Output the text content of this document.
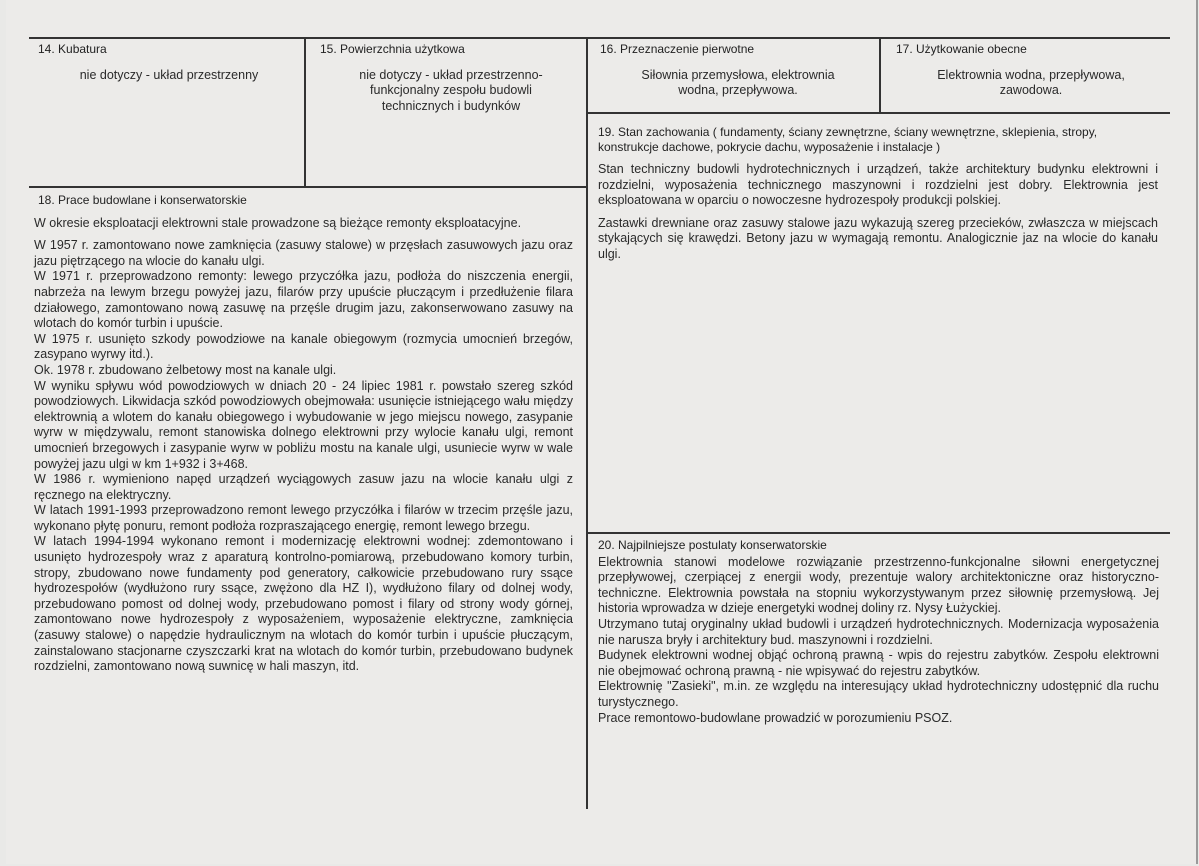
14. Kubatura
nie dotyczy - układ przestrzenny
15. Powierzchnia użytkowa
nie dotyczy - układ przestrzenno-funkcjonalny zespołu budowli technicznych i budynków
16. Przeznaczenie pierwotne
Siłownia przemysłowa, elektrownia wodna, przepływowa.
17. Użytkowanie obecne
Elektrownia wodna, przepływowa, zawodowa.
19. Stan zachowania ( fundamenty, ściany zewnętrzne, ściany wewnętrzne, sklepienia, stropy, konstrukcje dachowe, pokrycie dachu, wyposażenie i instalacje )

Stan techniczny budowli hydrotechnicznych i urządzeń, także architektury budynku elektrowni i rozdzielni, wyposażenia technicznego maszynowni i rozdzielni jest dobry. Elektrownia jest eksploatowana w oparciu o nowoczesne hydrozespoły produkcji polskiej.

Zastawki drewniane oraz zasuwy stalowe jazu wykazują szereg przecieków, zwłaszcza w miejscach stykających się krawędzi. Betony jazu w wymagają remontu. Analogicznie jaz na wlocie do kanału ulgi.

18. Prace budowlane i konserwatorskie

W okresie eksploatacji elektrowni stale prowadzone są bieżące remonty eksploatacyjne.

W 1957 r. zamontowano nowe zamknięcia (zasuwy stalowe) w przęsłach zasuwowych jazu oraz jazu piętrzącego na wlocie do kanału ulgi.

W 1971 r. przeprowadzono remonty: lewego przyczółka jazu, podłoża do niszczenia energii, nabrzeża na lewym brzegu powyżej jazu, filarów przy upuście płuczącym i przedłużenie filara działowego, zamontowano nową zasuwę na przęśle drugim jazu, zakonserwowano zasuwy na wlotach do komór turbin i upuście.

W 1975 r. usunięto szkody powodziowe na kanale obiegowym (rozmycia umocnień brzegów, zasypano wyrwy itd.).

Ok. 1978 r. zbudowano żelbetowy most na kanale ulgi.

W wyniku spływu wód powodziowych w dniach 20 - 24 lipiec 1981 r. powstało szereg szkód powodziowych. Likwidacja szkód powodziowych obejmowała: usunięcie istniejącego wału między elektrownią a wlotem do kanału obiegowego i wybudowanie w jego miejscu nowego, zasypanie wyrw w międzywalu, remont stanowiska dolnego elektrowni przy wylocie kanału ulgi, remont umocnień brzegowych i zasypanie wyrw w pobliżu mostu na kanale ulgi, usuniecie wyrw w wale powyżej jazu ulgi w km 1+932 i 3+468.

W 1986 r. wymieniono napęd urządzeń wyciągowych zasuw jazu na wlocie kanału ulgi z ręcznego na elektryczny.

W latach 1991-1993 przeprowadzono remont lewego przyczółka i filarów w trzecim przęśle jazu, wykonano płytę ponuru, remont podłoża rozpraszającego energię, remont lewego brzegu.

W latach 1994-1994 wykonano remont i modernizację elektrowni wodnej: zdemontowano i usunięto hydrozespoły wraz z aparaturą kontrolno-pomiarową, przebudowano komory turbin, stropy, zbudowano nowe fundamenty pod generatory, całkowicie przebudowano rury ssące hydrozespołów (wydłużono rury ssące, zwężono dla HZ I), wydłużono filary od dolnej wody, przebudowano pomost od dolnej wody, przebudowano pomost i filary od strony wody górnej, zamontowano nowe hydrozespoły z wyposażeniem, wyposażenie elektryczne, zamknięcia (zasuwy stalowe) o napędzie hydraulicznym na wlotach do komór turbin i upuście płuczącym, zainstalowano stacjonarne czyszczarki krat na wlotach do komór turbin, przebudowano budynek rozdzielni, zamontowano nową suwnicę w hali maszyn, itd.

20. Najpilniejsze postulaty konserwatorskie

Elektrownia stanowi modelowe rozwiązanie przestrzenno-funkcjonalne siłowni energetycznej przepływowej, czerpiącej z energii wody, prezentuje walory architektoniczne oraz historyczno-techniczne. Elektrownia powstała na stopniu wykorzystywanym przez siłownię przemysłową. Jej historia wprowadza w dzieje energetyki wodnej doliny rz. Nysy Łużyckiej.

Utrzymano tutaj oryginalny układ budowli i urządzeń hydrotechnicznych. Modernizacja wyposażenia nie narusza bryły i architektury bud. maszynowni i rozdzielni.

Budynek elektrowni wodnej objąć ochroną prawną - wpis do rejestru zabytków. Zespołu elektrowni nie obejmować ochroną prawną - nie wpisywać do rejestru zabytków.

Elektrownię "Zasieki", m.in. ze względu na interesujący układ hydrotechniczny udostępnić dla ruchu turystycznego.

Prace remontowo-budowlane prowadzić w porozumieniu PSOZ.
